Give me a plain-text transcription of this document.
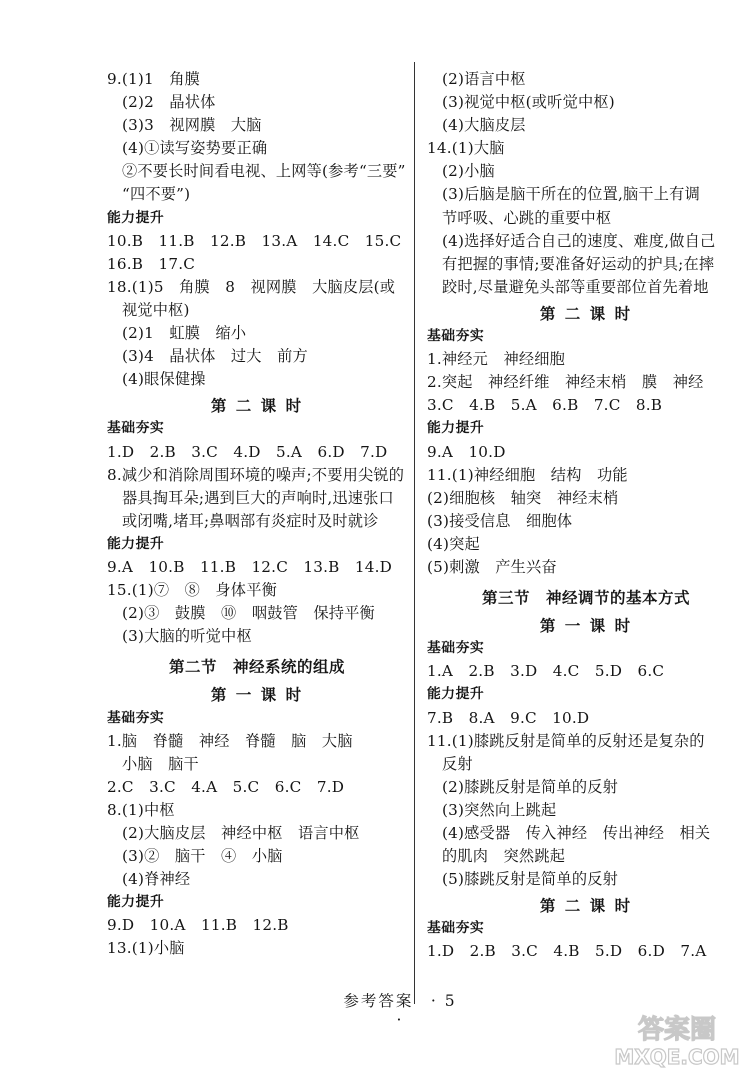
9.(1)1　角膜
(2)2　晶状体
(3)3　视网膜　大脑
(4)①读写姿势要正确
②不要长时间看电视、上网等(参考“三要”
“四不要”)
能力提升
10.B　11.B　12.B　13.A　14.C　15.C
16.B　17.C
18.(1)5　角膜　8　视网膜　大脑皮层(或
视觉中枢)
(2)1　虹膜　缩小
(3)4　晶状体　过大　前方
(4)眼保健操
第 二 课 时
基础夯实
1.D　2.B　3.C　4.D　5.A　6.D　7.D
8.减少和消除周围环境的噪声;不要用尖锐的
器具掏耳朵;遇到巨大的声响时,迅速张口
或闭嘴,堵耳;鼻咽部有炎症时及时就诊
能力提升
9.A　10.B　11.B　12.C　13.B　14.D
15.(1)⑦　⑧　身体平衡
(2)③　鼓膜　⑩　咽鼓管　保持平衡
(3)大脑的听觉中枢
第二节　神经系统的组成
第 一 课 时
基础夯实
1.脑　脊髓　神经　脊髓　脑　大脑
小脑　脑干
2.C　3.C　4.A　5.C　6.C　7.D
8.(1)中枢
(2)大脑皮层　神经中枢　语言中枢
(3)②　脑干　④　小脑
(4)脊神经
能力提升
9.D　10.A　11.B　12.B
13.(1)小脑
(2)语言中枢
(3)视觉中枢(或听觉中枢)
(4)大脑皮层
14.(1)大脑
(2)小脑
(3)后脑是脑干所在的位置,脑干上有调
节呼吸、心跳的重要中枢
(4)选择好适合自己的速度、难度,做自己
有把握的事情;要准备好运动的护具;在摔
跤时,尽量避免头部等重要部位首先着地
第 二 课 时
基础夯实
1.神经元　神经细胞
2.突起　神经纤维　神经末梢　膜　神经
3.C　4.B　5.A　6.B　7.C　8.B
能力提升
9.A　10.D
11.(1)神经细胞　结构　功能
(2)细胞核　轴突　神经末梢
(3)接受信息　细胞体
(4)突起
(5)刺激　产生兴奋
第三节　神经调节的基本方式
第 一 课 时
基础夯实
1.A　2.B　3.D　4.C　5.D　6.C
能力提升
7.B　8.A　9.C　10.D
11.(1)膝跳反射是简单的反射还是复杂的
反射
(2)膝跳反射是简单的反射
(3)突然向上跳起
(4)感受器　传入神经　传出神经　相关
的肌肉　突然跳起
(5)膝跳反射是简单的反射
第 二 课 时
基础夯实
1.D　2.B　3.C　4.B　5.D　6.D　7.A
参考答案　· 5 ·	答案圈
MXQE.COM
